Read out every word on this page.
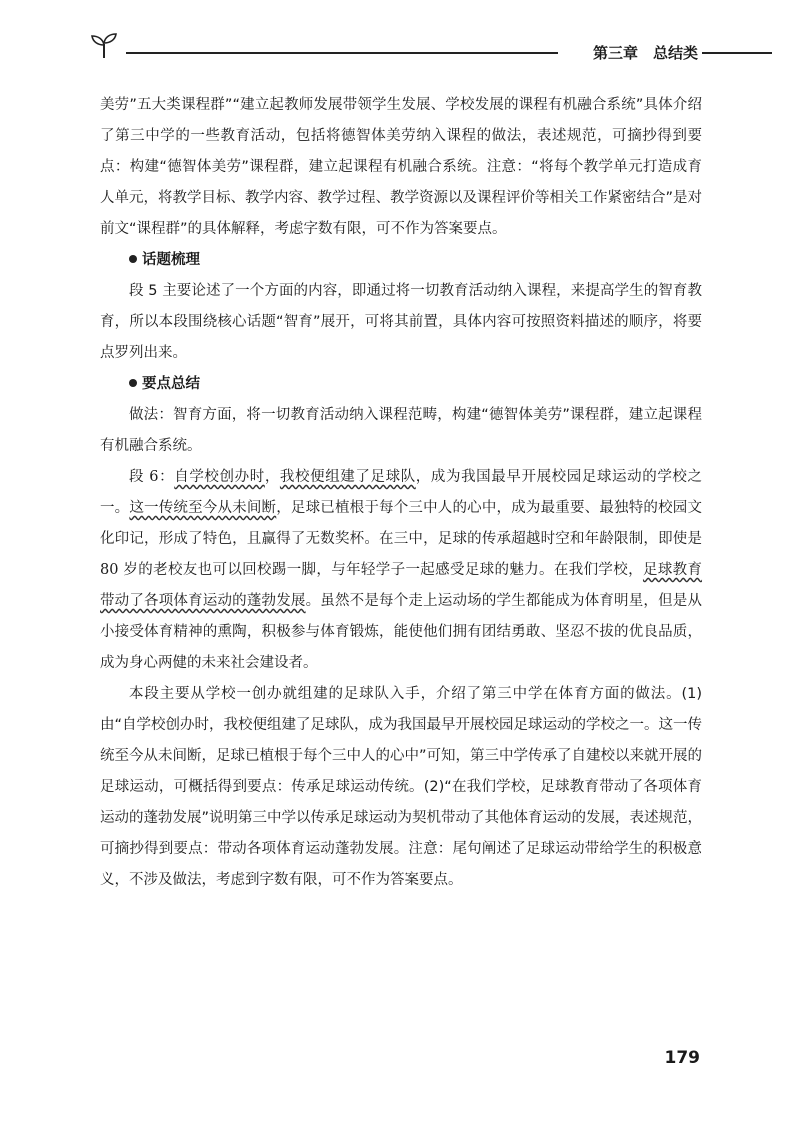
第三章　总结类

美劳”五大类课程群”“建立起教师发展带领学生发展、学校发展的课程有机融合系统”具体介绍了第三中学的一些教育活动，包括将德智体美劳纳入课程的做法，表述规范，可摘抄得到要点：构建“德智体美劳”课程群，建立起课程有机融合系统。注意：“将每个教学单元打造成育人单元，将教学目标、教学内容、教学过程、教学资源以及课程评价等相关工作紧密结合”是对前文“课程群”的具体解释，考虑字数有限，可不作为答案要点。

话题梳理

段 5 主要论述了一个方面的内容，即通过将一切教育活动纳入课程，来提高学生的智育教育，所以本段围绕核心话题“智育”展开，可将其前置，具体内容可按照资料描述的顺序，将要点罗列出来。

要点总结

做法：智育方面，将一切教育活动纳入课程范畴，构建“德智体美劳”课程群，建立起课程有机融合系统。

段 6：自学校创办时，我校便组建了足球队，成为我国最早开展校园足球运动的学校之一。这一传统至今从未间断，足球已植根于每个三中人的心中，成为最重要、最独特的校园文化印记，形成了特色，且赢得了无数奖杯。在三中，足球的传承超越时空和年龄限制，即使是 80 岁的老校友也可以回校踢一脚，与年轻学子一起感受足球的魅力。在我们学校，足球教育带动了各项体育运动的蓬勃发展。虽然不是每个走上运动场的学生都能成为体育明星，但是从小接受体育精神的熏陶，积极参与体育锻炼，能使他们拥有团结勇敢、坚忍不拔的优良品质，成为身心两健的未来社会建设者。

本段主要从学校一创办就组建的足球队入手，介绍了第三中学在体育方面的做法。(1) 由“自学校创办时，我校便组建了足球队，成为我国最早开展校园足球运动的学校之一。这一传统至今从未间断，足球已植根于每个三中人的心中”可知，第三中学传承了自建校以来就开展的足球运动，可概括得到要点：传承足球运动传统。(2)“在我们学校，足球教育带动了各项体育运动的蓬勃发展”说明第三中学以传承足球运动为契机带动了其他体育运动的发展，表述规范，可摘抄得到要点：带动各项体育运动蓬勃发展。注意：尾句阐述了足球运动带给学生的积极意义，不涉及做法，考虑到字数有限，可不作为答案要点。

179
